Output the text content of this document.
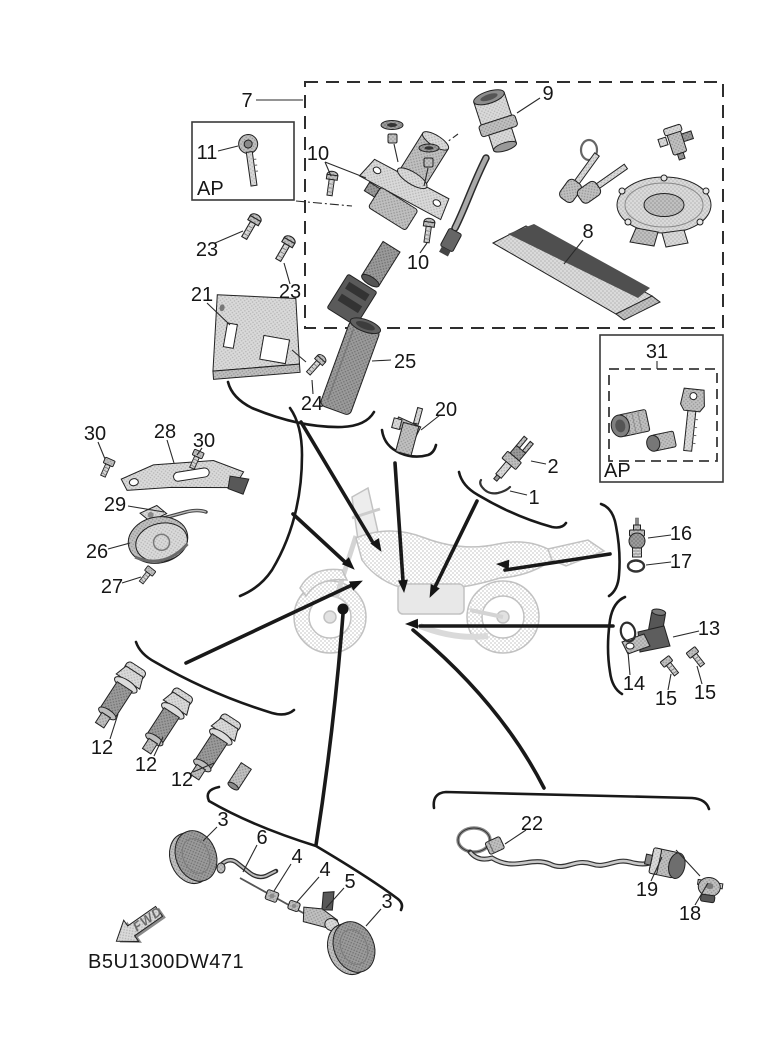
7
11
AP
31
AP
FWD
B5U1300DW471
10
10
23
23
9
8
21
24
25
20
30 28 30
29
26
27
2
1
16
17
13
14
15 15
12
12
12
3
6
4
4
5
3
22
19
18
